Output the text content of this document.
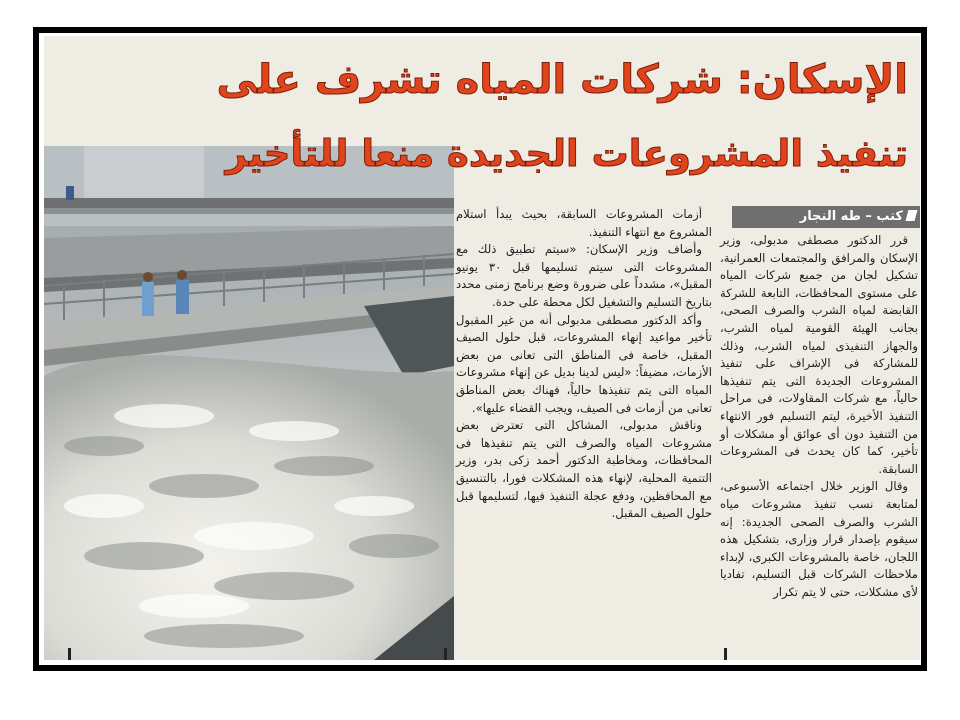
الإسكان: شركات المياه تشرف على
تنفيذ المشروعات الجديدة منعا للتأخير
كتب – طه النجار

قرر الدكتور مصطفى مدبولى، وزير الإسكان والمرافق والمجتمعات العمرانية، تشكيل لجان من جميع شركات المياه على مستوى المحافظات، التابعة للشركة القابضة لمياه الشرب والصرف الصحى، بجانب الهيئة القومية لمياه الشرب، والجهاز التنفيذى لمياه الشرب، وذلك للمشاركة فى الإشراف على تنفيذ المشروعات الجديدة التى يتم تنفيذها حالياً، مع شركات المقاولات، فى مراحل التنفيذ الأخيرة، ليتم التسليم فور الانتهاء من التنفيذ دون أى عوائق أو مشكلات أو تأخير، كما كان يحدث فى المشروعات السابقة.

وقال الوزير خلال اجتماعه الأسبوعى، لمتابعة نسب تنفيذ مشروعات مياه الشرب والصرف الصحى الجديدة: إنه سيقوم بإصدار قرار وزارى، بتشكيل هذه اللجان، خاصة بالمشروعات الكبرى، لإبداء ملاحظات الشركات قبل التسليم، تفاديا لأى مشكلات، حتى لا يتم تكرار

أزمات المشروعات السابقة، بحيث يبدأ استلام المشروع مع انتهاء التنفيذ.

وأضاف وزير الإسكان: «سيتم تطبيق ذلك مع المشروعات التى سيتم تسليمها قبل ٣٠ يونيو المقبل»، مشدداً على ضرورة وضع برنامج زمنى محدد بتاريخ التسليم والتشغيل لكل محطة على حدة.

وأكد الدكتور مصطفى مدبولى أنه من غير المقبول تأخير مواعيد إنهاء المشروعات، قبل حلول الصيف المقبل، خاصة فى المناطق التى تعانى من بعض الأزمات، مضيفاً: «ليس لدينا بديل عن إنهاء مشروعات المياه التى يتم تنفيذها حالياً، فهناك بعض المناطق تعانى من أزمات فى الصيف، ويجب القضاء عليها».

وناقش مدبولى، المشاكل التى تعترض بعض مشروعات المياه والصرف التى يتم تنفيذها فى المحافظات، ومخاطبة الدكتور أحمد زكى بدر، وزير التنمية المحلية، لإنهاء هذه المشكلات فورا، بالتنسيق مع المحافظين، ودفع عجلة التنفيذ فيها، لتسليمها قبل حلول الصيف المقبل.
